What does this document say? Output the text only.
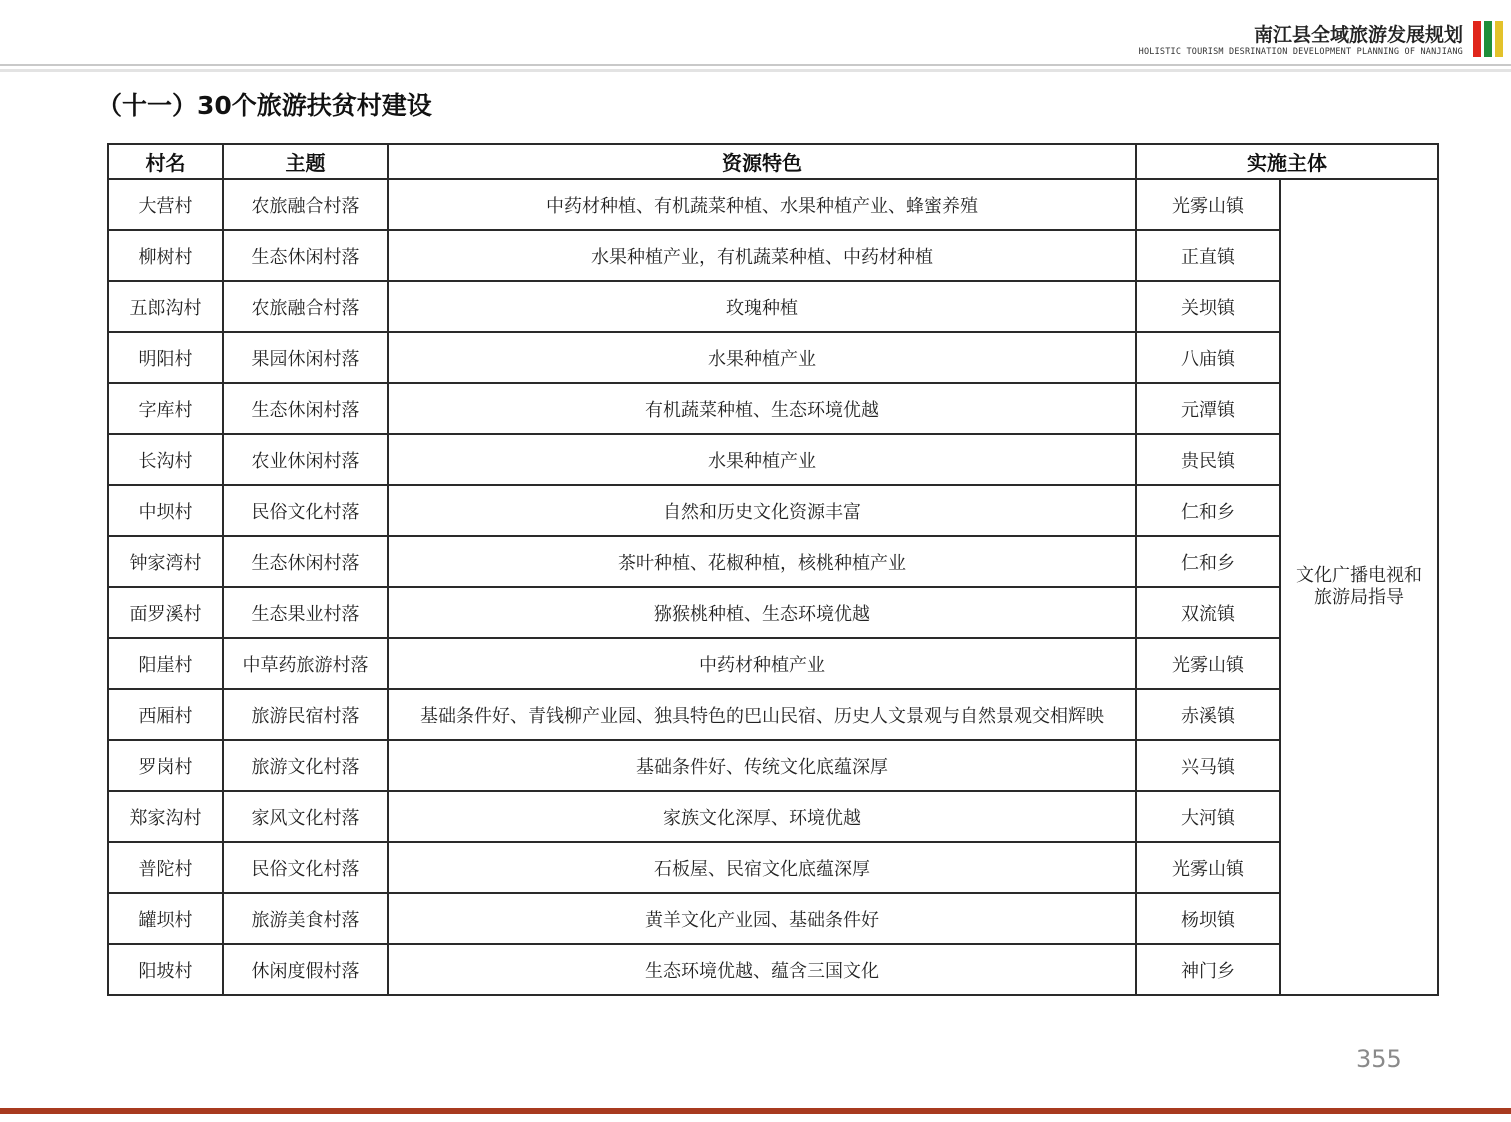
南江县全域旅游发展规划
HOLISTIC TOURISM DESRINATION DEVELOPMENT PLANNING OF NANJIANG
（十一）30个旅游扶贫村建设
村名	主题	资源特色	实施主体	
大营村	农旅融合村落	中药材种植、有机蔬菜种植、水果种植产业、蜂蜜养殖	光雾山镇	文化广播电视和旅游局指导
柳树村	生态休闲村落	水果种植产业，有机蔬菜种植、中药材种植	正直镇	
五郎沟村	农旅融合村落	玫瑰种植	关坝镇	
明阳村	果园休闲村落	水果种植产业	八庙镇	
字库村	生态休闲村落	有机蔬菜种植、生态环境优越	元潭镇	
长沟村	农业休闲村落	水果种植产业	贵民镇	
中坝村	民俗文化村落	自然和历史文化资源丰富	仁和乡	
钟家湾村	生态休闲村落	茶叶种植、花椒种植，核桃种植产业	仁和乡	
面罗溪村	生态果业村落	猕猴桃种植、生态环境优越	双流镇	
阳崖村	中草药旅游村落	中药材种植产业	光雾山镇	
西厢村	旅游民宿村落	基础条件好、青钱柳产业园、独具特色的巴山民宿、历史人文景观与自然景观交相辉映	赤溪镇	
罗岗村	旅游文化村落	基础条件好、传统文化底蕴深厚	兴马镇	
郑家沟村	家风文化村落	家族文化深厚、环境优越	大河镇	
普陀村	民俗文化村落	石板屋、民宿文化底蕴深厚	光雾山镇	
罐坝村	旅游美食村落	黄羊文化产业园、基础条件好	杨坝镇	
阳坡村	休闲度假村落	生态环境优越、蕴含三国文化	神门乡	
355
